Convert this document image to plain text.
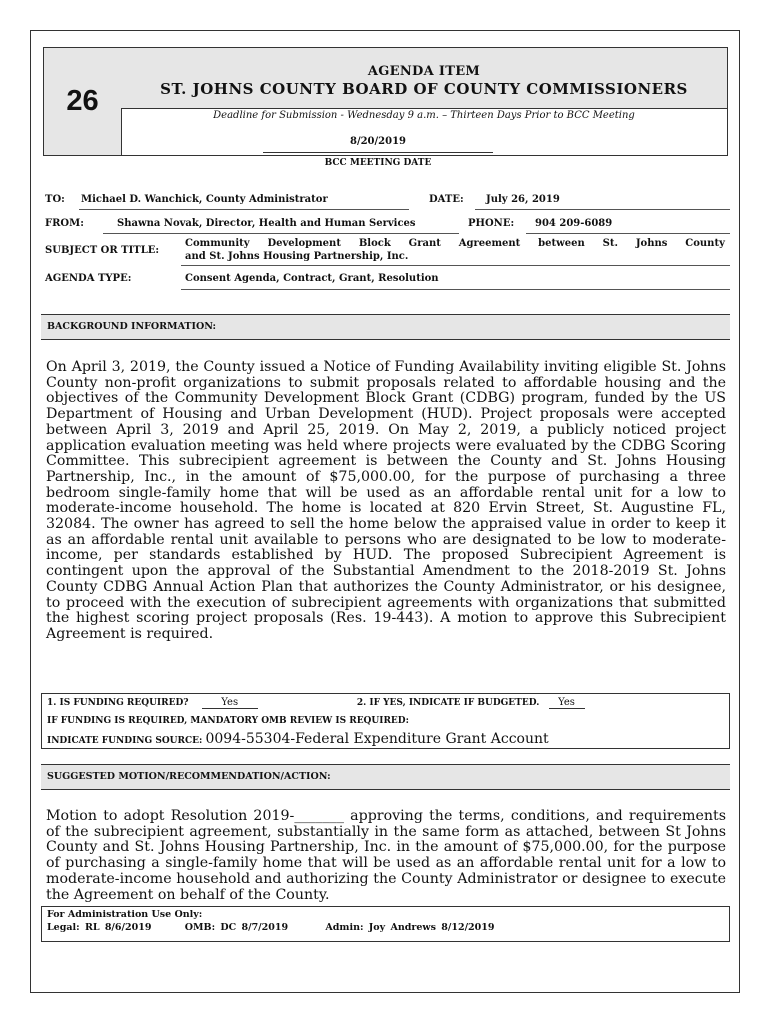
26
AGENDA ITEM
ST. JOHNS COUNTY BOARD OF COUNTY COMMISSIONERS
Deadline for Submission - Wednesday 9 a.m. – Thirteen Days Prior to BCC Meeting
8/20/2019
BCC MEETING DATE
TO: Michael D. Wanchick, County Administrator	DATE: July 26, 2019
FROM:	Shawna Novak, Director, Health and Human Services	PHONE: 904 209-6089
SUBJECT OR TITLE:
Community Development Block Grant Agreement between St. Johns County
and St. Johns Housing Partnership, Inc.
AGENDA TYPE:	Consent Agenda, Contract, Grant, Resolution
BACKGROUND INFORMATION:
On April 3, 2019, the County issued a Notice of Funding Availability inviting eligible St. Johns County non-profit organizations to submit proposals related to affordable housing and the objectives of the Community Development Block Grant (CDBG) program, funded by the US Department of Housing and Urban Development (HUD). Project proposals were accepted between April 3, 2019 and April 25, 2019. On May 2, 2019, a publicly noticed project application evaluation meeting was held where projects were evaluated by the CDBG Scoring Committee. This subrecipient agreement is between the County and St. Johns Housing Partnership, Inc., in the amount of $75,000.00, for the purpose of purchasing a three bedroom single-family home that will be used as an affordable rental unit for a low to moderate-income household. The home is located at 820 Ervin Street, St. Augustine FL, 32084. The owner has agreed to sell the home below the appraised value in order to keep it as an affordable rental unit available to persons who are designated to be low to moderate-income, per standards established by HUD. The proposed Subrecipient Agreement is contingent upon the approval of the Substantial Amendment to the 2018-2019 St. Johns County CDBG Annual Action Plan that authorizes the County Administrator, or his designee, to proceed with the execution of subrecipient agreements with organizations that submitted the highest scoring project proposals (Res. 19-443). A motion to approve this Subrecipient Agreement is required.
1. IS FUNDING REQUIRED?	Yes	2. IF YES, INDICATE IF BUDGETED. Yes
IF FUNDING IS REQUIRED, MANDATORY OMB REVIEW IS REQUIRED:
INDICATE FUNDING SOURCE: 0094-55304-Federal Expenditure Grant Account
SUGGESTED MOTION/RECOMMENDATION/ACTION:
Motion to adopt Resolution 2019-_______ approving the terms, conditions, and requirements of the subrecipient agreement, substantially in the same form as attached, between St Johns County and St. Johns Housing Partnership, Inc. in the amount of $75,000.00, for the purpose of purchasing a single-family home that will be used as an affordable rental unit for a low to moderate-income household and authorizing the County Administrator or designee to execute the Agreement on behalf of the County.
For Administration Use Only:
Legal: RL 8/6/2019	OMB: DC 8/7/2019	Admin: Joy Andrews 8/12/2019
